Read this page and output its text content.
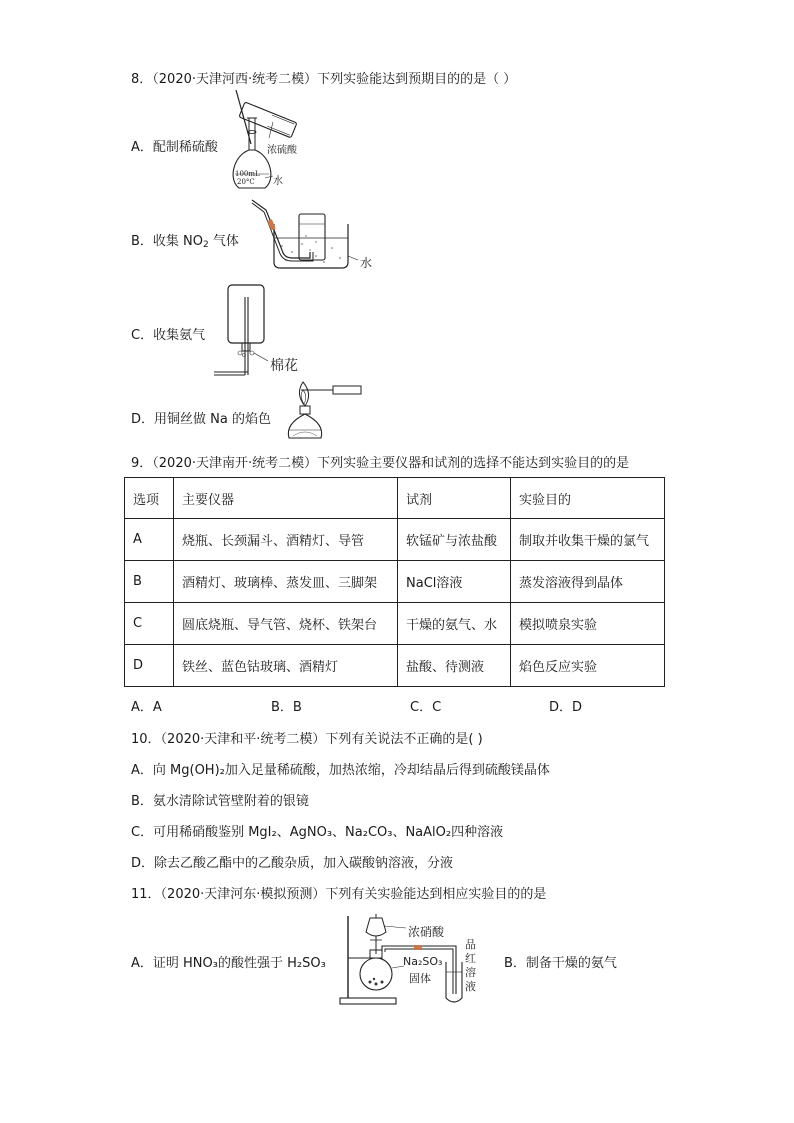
8．（2020·天津河西·统考二模）下列实验能达到预期目的的是（ ）
A．配制稀硫酸	浓硫酸
100mL
20°C 水
B．收集 $NO_2$ 气体
水
C．收集氨气
棉花
D．用铜丝做 Na 的焰色
9．（2020·天津南开·统考二模）下列实验主要仪器和试剂的选择不能达到实验目的的是
选项	主要仪器	试剂	实验目的
A	烧瓶、长颈漏斗、酒精灯、导管	软锰矿与浓盐酸	制取并收集干燥的氯气
B	酒精灯、玻璃棒、蒸发皿、三脚架	NaCl溶液	蒸发溶液得到晶体
C	圆底烧瓶、导气管、烧杯、铁架台	干燥的氨气、水	模拟喷泉实验
D	铁丝、蓝色钴玻璃、酒精灯	盐酸、待测液	焰色反应实验
A．A	B．B	C．C	D．D
10．（2020·天津和平·统考二模）下列有关说法不正确的是( )
A．向 Mg(OH)₂加入足量稀硫酸，加热浓缩，冷却结晶后得到硫酸镁晶体
B．氨水清除试管壁附着的银镜
C．可用稀硝酸鉴别 MgI₂、AgNO₃、Na₂CO₃、NaAlO₂四种溶液
D．除去乙酸乙酯中的乙酸杂质，加入碳酸钠溶液，分液
11．（2020·天津河东·模拟预测）下列有关实验能达到相应实验目的的是
A．证明 HNO₃的酸性强于 H₂SO₃	B．制备干燥的氨气
浓硝酸
Na₂SO₃
固体
品
红
溶
液
